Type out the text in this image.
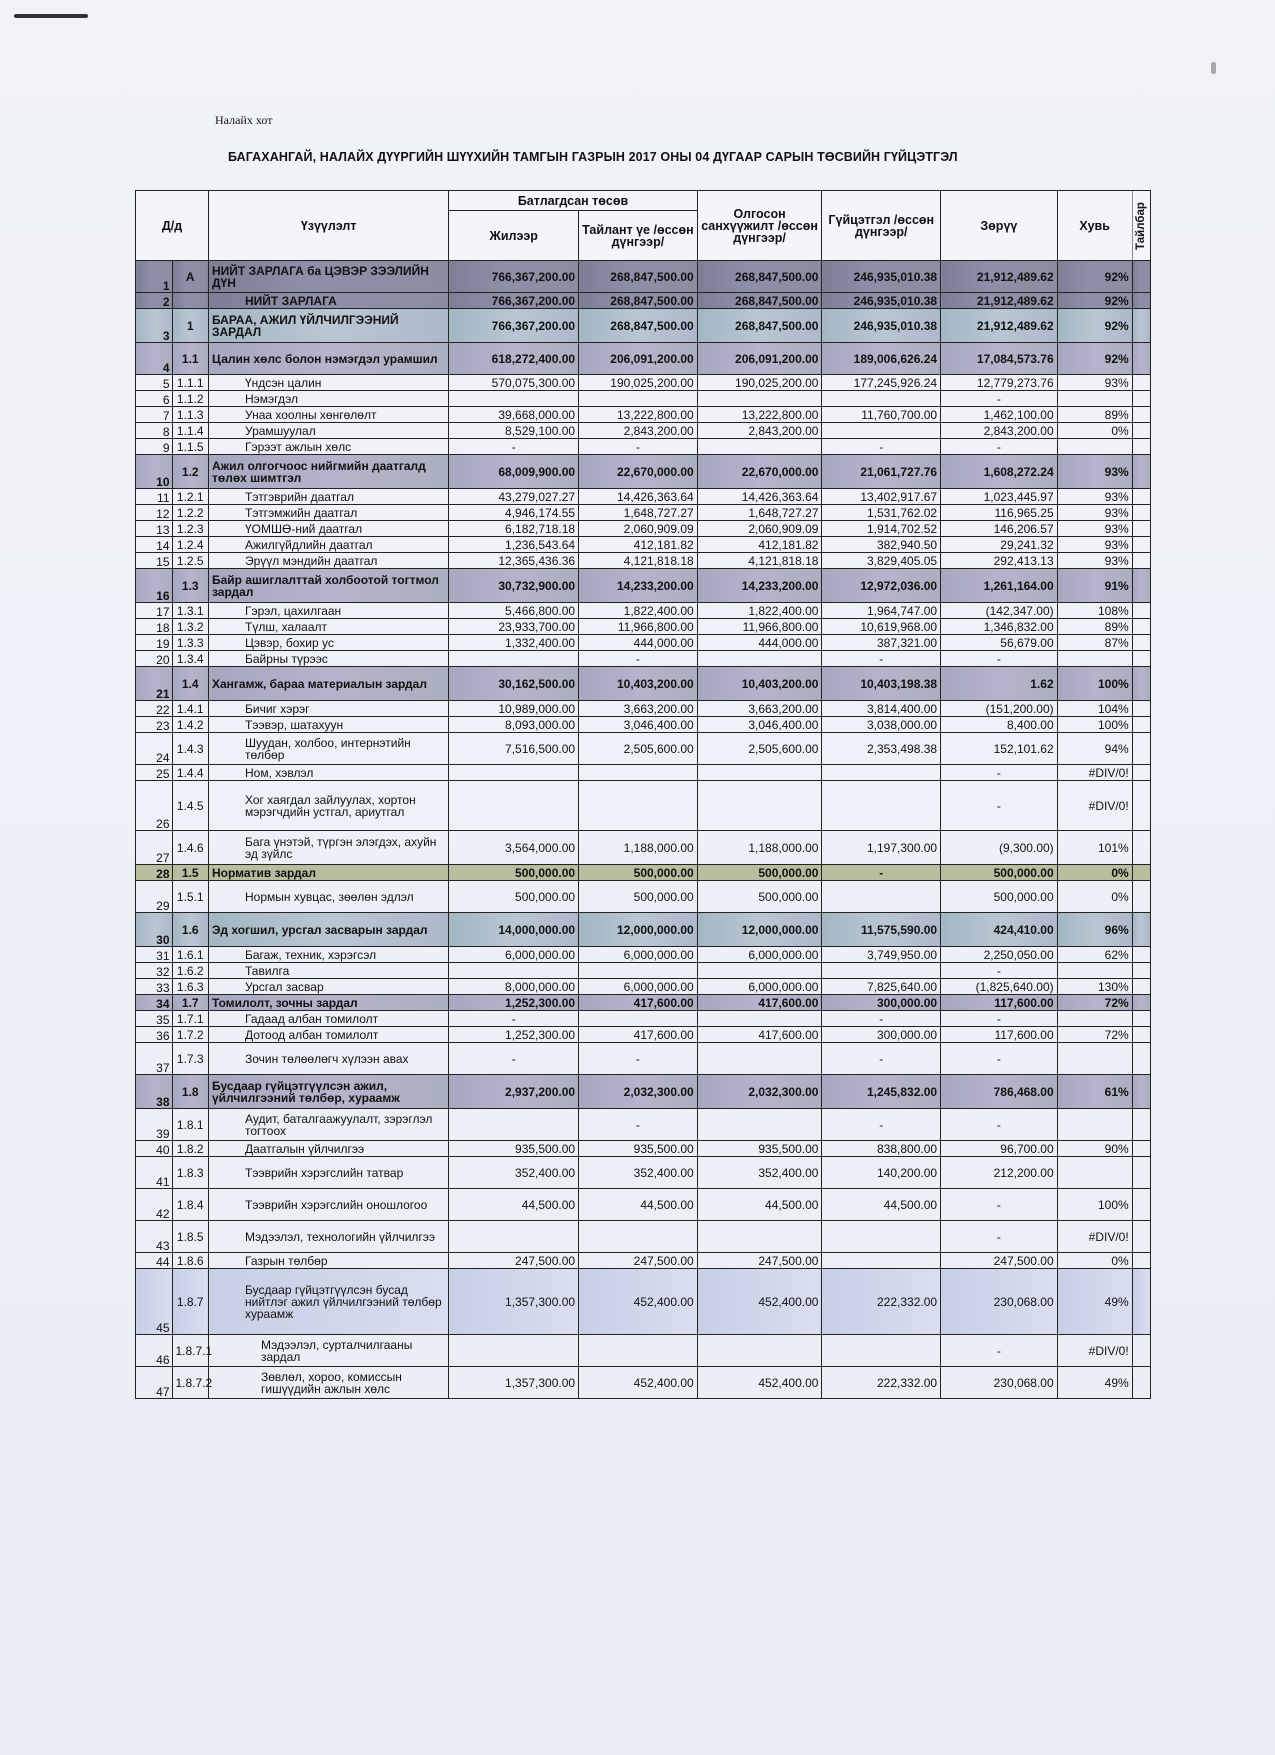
Налайх хот
БАГАХАНГАЙ, НАЛАЙХ ДҮҮРГИЙН ШҮҮХИЙН ТАМГЫН ГАЗРЫН 2017 ОНЫ 04 ДҮГААР САРЫН ТӨСВИЙН ГҮЙЦЭТГЭЛ
Д/д		Үзүүлэлт	Батлагдсан төсөв		Олгосон санхүүжилт /өссөн дүнгээр/	Гүйцэтгэл /өссөн дүнгээр/	Зөрүү	Хувь	Тайлбар
			Жилээр	Тайлант үе /өссөн дүнгээр/					
1	А	НИЙТ ЗАРЛАГА ба ЦЭВЭР ЗЭЭЛИЙН ДҮН	766,367,200.00	268,847,500.00	268,847,500.00	246,935,010.38	21,912,489.62	92%	
2		НИЙТ ЗАРЛАГА	766,367,200.00	268,847,500.00	268,847,500.00	246,935,010.38	21,912,489.62	92%	
3	1	БАРАА, АЖИЛ ҮЙЛЧИЛГЭЭНИЙ ЗАРДАЛ	766,367,200.00	268,847,500.00	268,847,500.00	246,935,010.38	21,912,489.62	92%	
4	1.1	Цалин хөлс болон нэмэгдэл урамшил	618,272,400.00	206,091,200.00	206,091,200.00	189,006,626.24	17,084,573.76	92%	
5	1.1.1	Үндсэн цалин	570,075,300.00	190,025,200.00	190,025,200.00	177,245,926.24	12,779,273.76	93%	
6	1.1.2	Нэмэгдэл					-		
7	1.1.3	Унаа хоолны хөнгөлөлт	39,668,000.00	13,222,800.00	13,222,800.00	11,760,700.00	1,462,100.00	89%	
8	1.1.4	Урамшуулал	8,529,100.00	2,843,200.00	2,843,200.00		2,843,200.00	0%	
9	1.1.5	Гэрээт ажлын хөлс	-	-		-	-		
10	1.2	Ажил олгогчоос нийгмийн даатгалд төлөх шимтгэл	68,009,900.00	22,670,000.00	22,670,000.00	21,061,727.76	1,608,272.24	93%	
11	1.2.1	Тэтгэврийн даатгал	43,279,027.27	14,426,363.64	14,426,363.64	13,402,917.67	1,023,445.97	93%	
12	1.2.2	Тэтгэмжийн даатгал	4,946,174.55	1,648,727.27	1,648,727.27	1,531,762.02	116,965.25	93%	
13	1.2.3	ҮОМШӨ-ний даатгал	6,182,718.18	2,060,909.09	2,060,909.09	1,914,702.52	146,206.57	93%	
14	1.2.4	Ажилгүйдлийн даатгал	1,236,543.64	412,181.82	412,181.82	382,940.50	29,241.32	93%	
15	1.2.5	Эрүүл мэндийн даатгал	12,365,436.36	4,121,818.18	4,121,818.18	3,829,405.05	292,413.13	93%	
16	1.3	Байр ашиглалттай холбоотой тогтмол зардал	30,732,900.00	14,233,200.00	14,233,200.00	12,972,036.00	1,261,164.00	91%	
17	1.3.1	Гэрэл, цахилгаан	5,466,800.00	1,822,400.00	1,822,400.00	1,964,747.00	(142,347.00)	108%	
18	1.3.2	Түлш, халаалт	23,933,700.00	11,966,800.00	11,966,800.00	10,619,968.00	1,346,832.00	89%	
19	1.3.3	Цэвэр, бохир ус	1,332,400.00	444,000.00	444,000.00	387,321.00	56,679.00	87%	
20	1.3.4	Байрны түрээс		-		-	-		
21	1.4	Хангамж, бараа материалын зардал	30,162,500.00	10,403,200.00	10,403,200.00	10,403,198.38	1.62	100%	
22	1.4.1	Бичиг хэрэг	10,989,000.00	3,663,200.00	3,663,200.00	3,814,400.00	(151,200.00)	104%	
23	1.4.2	Тээвэр, шатахуун	8,093,000.00	3,046,400.00	3,046,400.00	3,038,000.00	8,400.00	100%	
24	1.4.3	Шуудан, холбоо, интернэтийн төлбөр	7,516,500.00	2,505,600.00	2,505,600.00	2,353,498.38	152,101.62	94%	
25	1.4.4	Ном, хэвлэл					-	#DIV/0!	
26	1.4.5	Хог хаягдал зайлуулах, хортон мэрэгчдийн устгал, ариутгал					-	#DIV/0!	
27	1.4.6	Бага үнэтэй, түргэн элэгдэх, ахуйн эд зүйлс	3,564,000.00	1,188,000.00	1,188,000.00	1,197,300.00	(9,300.00)	101%	
28	1.5	Норматив зардал	500,000.00	500,000.00	500,000.00	-	500,000.00	0%	
29	1.5.1	Нормын хувцас, зөөлөн эдлэл	500,000.00	500,000.00	500,000.00		500,000.00	0%	
30	1.6	Эд хогшил, урсгал засварын зардал	14,000,000.00	12,000,000.00	12,000,000.00	11,575,590.00	424,410.00	96%	
31	1.6.1	Багаж, техник, хэрэгсэл	6,000,000.00	6,000,000.00	6,000,000.00	3,749,950.00	2,250,050.00	62%	
32	1.6.2	Тавилга					-		
33	1.6.3	Урсгал засвар	8,000,000.00	6,000,000.00	6,000,000.00	7,825,640.00	(1,825,640.00)	130%	
34	1.7	Томилолт, зочны зардал	1,252,300.00	417,600.00	417,600.00	300,000.00	117,600.00	72%	
35	1.7.1	Гадаад албан томилолт	-			-	-		
36	1.7.2	Дотоод албан томилолт	1,252,300.00	417,600.00	417,600.00	300,000.00	117,600.00	72%	
37	1.7.3	Зочин төлөөлөгч хүлээн авах	-	-		-	-		
38	1.8	Бусдаар гүйцэтгүүлсэн ажил, үйлчилгээний төлбөр, хураамж	2,937,200.00	2,032,300.00	2,032,300.00	1,245,832.00	786,468.00	61%	
39	1.8.1	Аудит, баталгаажуулалт, зэрэглэл тогтоох		-		-	-		
40	1.8.2	Даатгалын үйлчилгээ	935,500.00	935,500.00	935,500.00	838,800.00	96,700.00	90%	
41	1.8.3	Тээврийн хэрэгслийн татвар	352,400.00	352,400.00	352,400.00	140,200.00	212,200.00		
42	1.8.4	Тээврийн хэрэгслийн оношлогоо	44,500.00	44,500.00	44,500.00	44,500.00	-	100%	
43	1.8.5	Мэдээлэл, технологийн үйлчилгээ					-	#DIV/0!	
44	1.8.6	Газрын төлбөр	247,500.00	247,500.00	247,500.00		247,500.00	0%	
45	1.8.7	Бусдаар гүйцэтгүүлсэн бусад нийтлэг ажил үйлчилгээний төлбөр хураамж	1,357,300.00	452,400.00	452,400.00	222,332.00	230,068.00	49%	
46	1.8.7.1	Мэдээлэл, сурталчилгааны зардал					-	#DIV/0!	
47	1.8.7.2	Зөвлөл, хороо, комиссын гишүүдийн ажлын хөлс	1,357,300.00	452,400.00	452,400.00	222,332.00	230,068.00	49%	
